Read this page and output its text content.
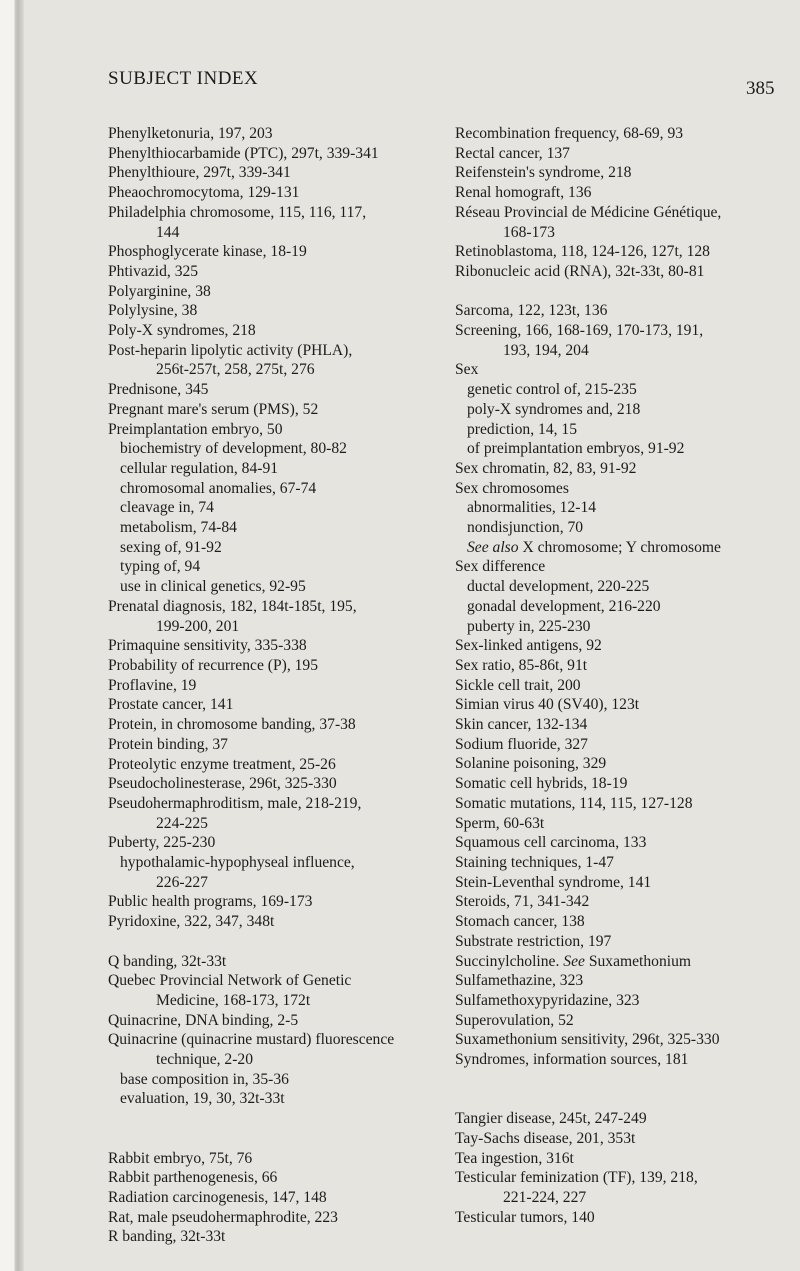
SUBJECT INDEX	385
Phenylketonuria, 197, 203
Phenylthiocarbamide (PTC), 297t, 339-341
Phenylthioure, 297t, 339-341
Pheaochromocytoma, 129-131
Philadelphia chromosome, 115, 116, 117,
144
Phosphoglycerate kinase, 18-19
Phtivazid, 325
Polyarginine, 38
Polylysine, 38
Poly-X syndromes, 218
Post-heparin lipolytic activity (PHLA),
256t-257t, 258, 275t, 276
Prednisone, 345
Pregnant mare's serum (PMS), 52
Preimplantation embryo, 50
biochemistry of development, 80-82
cellular regulation, 84-91
chromosomal anomalies, 67-74
cleavage in, 74
metabolism, 74-84
sexing of, 91-92
typing of, 94
use in clinical genetics, 92-95
Prenatal diagnosis, 182, 184t-185t, 195,
199-200, 201
Primaquine sensitivity, 335-338
Probability of recurrence (P), 195
Proflavine, 19
Prostate cancer, 141
Protein, in chromosome banding, 37-38
Protein binding, 37
Proteolytic enzyme treatment, 25-26
Pseudocholinesterase, 296t, 325-330
Pseudohermaphroditism, male, 218-219,
224-225
Puberty, 225-230
hypothalamic-hypophyseal influence,
226-227
Public health programs, 169-173
Pyridoxine, 322, 347, 348t
Q banding, 32t-33t
Quebec Provincial Network of Genetic
Medicine, 168-173, 172t
Quinacrine, DNA binding, 2-5
Quinacrine (quinacrine mustard) fluorescence
technique, 2-20
base composition in, 35-36
evaluation, 19, 30, 32t-33t
Rabbit embryo, 75t, 76
Rabbit parthenogenesis, 66
Radiation carcinogenesis, 147, 148
Rat, male pseudohermaphrodite, 223
R banding, 32t-33t
Recombination frequency, 68-69, 93
Rectal cancer, 137
Reifenstein's syndrome, 218
Renal homograft, 136
Réseau Provincial de Médicine Génétique,
168-173
Retinoblastoma, 118, 124-126, 127t, 128
Ribonucleic acid (RNA), 32t-33t, 80-81
Sarcoma, 122, 123t, 136
Screening, 166, 168-169, 170-173, 191,
193, 194, 204
Sex
genetic control of, 215-235
poly-X syndromes and, 218
prediction, 14, 15
of preimplantation embryos, 91-92
Sex chromatin, 82, 83, 91-92
Sex chromosomes
abnormalities, 12-14
nondisjunction, 70
See also X chromosome; Y chromosome
Sex difference
ductal development, 220-225
gonadal development, 216-220
puberty in, 225-230
Sex-linked antigens, 92
Sex ratio, 85-86t, 91t
Sickle cell trait, 200
Simian virus 40 (SV40), 123t
Skin cancer, 132-134
Sodium fluoride, 327
Solanine poisoning, 329
Somatic cell hybrids, 18-19
Somatic mutations, 114, 115, 127-128
Sperm, 60-63t
Squamous cell carcinoma, 133
Staining techniques, 1-47
Stein-Leventhal syndrome, 141
Steroids, 71, 341-342
Stomach cancer, 138
Substrate restriction, 197
Succinylcholine. See Suxamethonium
Sulfamethazine, 323
Sulfamethoxypyridazine, 323
Superovulation, 52
Suxamethonium sensitivity, 296t, 325-330
Syndromes, information sources, 181
Tangier disease, 245t, 247-249
Tay-Sachs disease, 201, 353t
Tea ingestion, 316t
Testicular feminization (TF), 139, 218,
221-224, 227
Testicular tumors, 140
